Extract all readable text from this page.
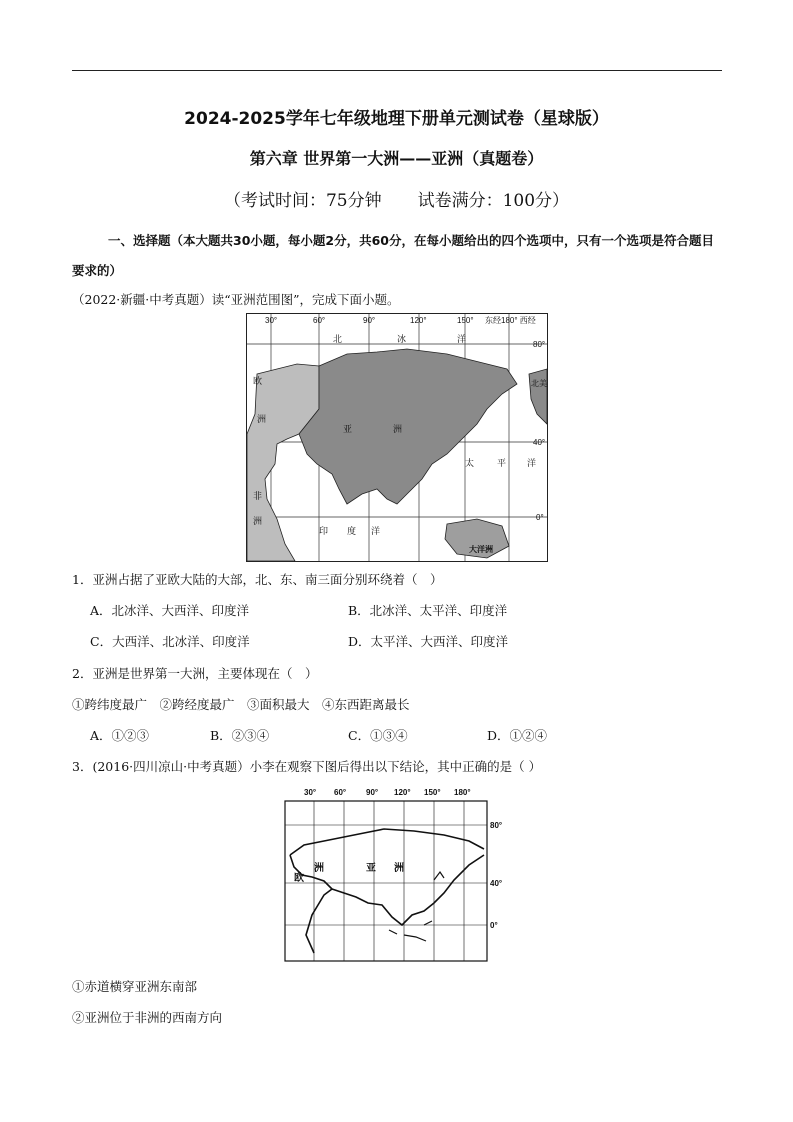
2024-2025学年七年级地理下册单元测试卷（星球版）
第六章 世界第一大洲——亚洲（真题卷）
（考试时间：75分钟 试卷满分：100分）
一、选择题（本大题共30小题，每小题2分，共60分，在每小题给出的四个选项中，只有一个选项是符合题目要求的）
（2022·新疆·中考真题）读“亚洲范围图”，完成下面小题。
30°	60°	90°	120°	150° 东经180° 西经
80°
40°
0°
北	冰	洋
欧
洲
亚	洲
太	平 洋
非
洲
印 度 洋
北美
大洋洲
1．亚洲占据了亚欧大陆的大部，北、东、南三面分别环绕着（　）
A．北冰洋、大西洋、印度洋	B．北冰洋、太平洋、印度洋
C．大西洋、北冰洋、印度洋	D．太平洋、大西洋、印度洋
2．亚洲是世界第一大洲，主要体现在（　）
①跨纬度最广　②跨经度最广　③面积最大　④东西距离最长
A．①②③	B．②③④	C．①③④	D．①②④
3．(2016·四川凉山·中考真题）小李在观察下图后得出以下结论，其中正确的是（ ）
30° 60° 90° 120° 150° 180°
80°
40°
0°
洲	亚 洲
欧
①赤道横穿亚洲东南部
②亚洲位于非洲的西南方向
